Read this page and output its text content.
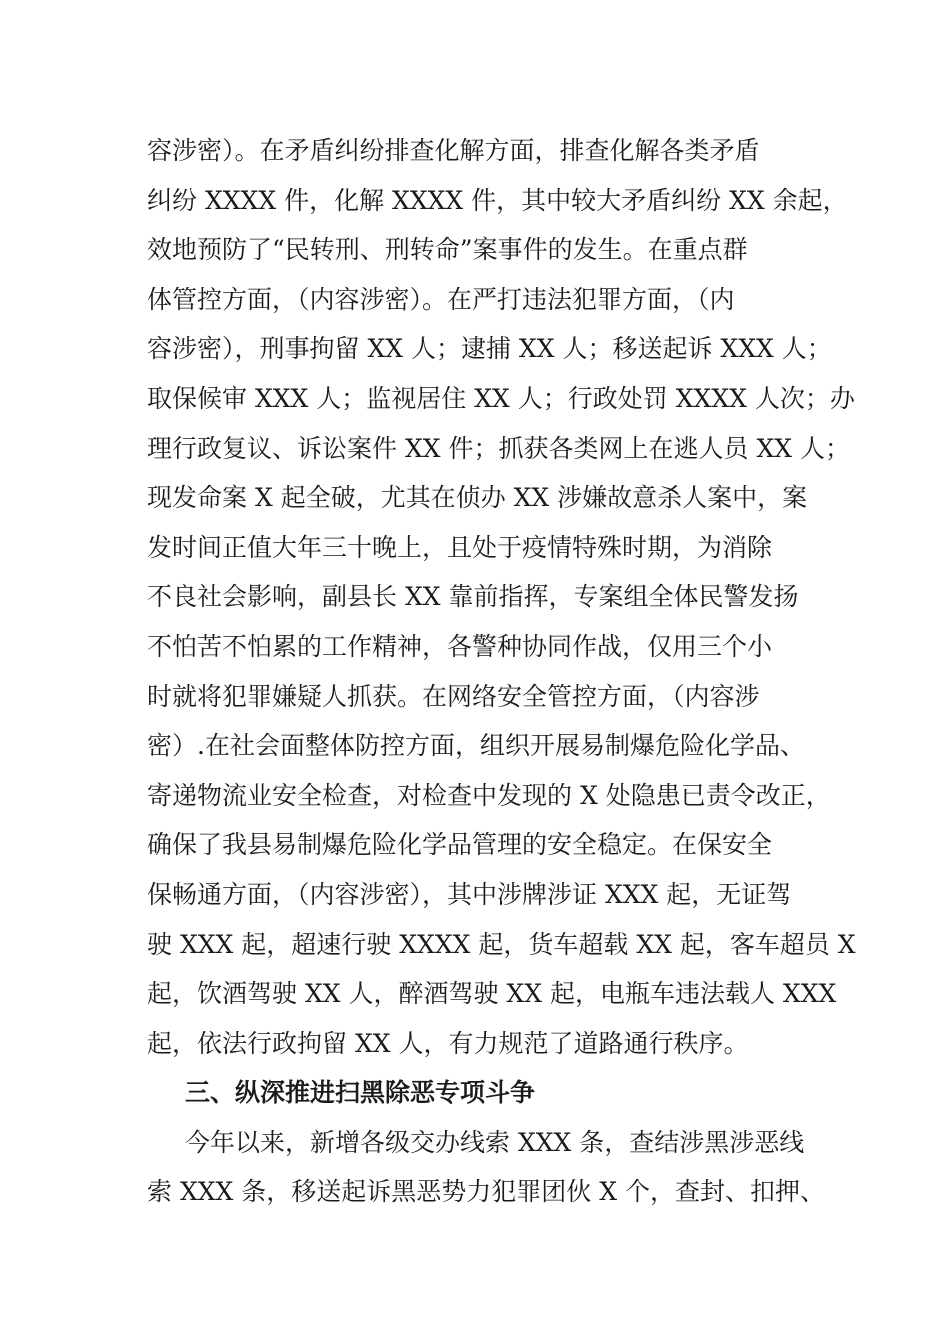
容涉密）。在矛盾纠纷排查化解方面，排查化解各类矛盾
纠纷 XXXX 件，化解 XXXX 件，其中较大矛盾纠纷 XX 余起，
效地预防了“民转刑、刑转命”案事件的发生。在重点群
体管控方面，（内容涉密）。在严打违法犯罪方面，（内
容涉密），刑事拘留 XX 人；逮捕 XX 人；移送起诉 XXX 人；
取保候审 XXX 人；监视居住 XX 人；行政处罚 XXXX 人次；办
理行政复议、诉讼案件 XX 件；抓获各类网上在逃人员 XX 人；
现发命案 X 起全破，尤其在侦办 XX 涉嫌故意杀人案中，案
发时间正值大年三十晚上，且处于疫情特殊时期，为消除
不良社会影响，副县长 XX 靠前指挥，专案组全体民警发扬
不怕苦不怕累的工作精神，各警种协同作战，仅用三个小
时就将犯罪嫌疑人抓获。在网络安全管控方面，（内容涉
密）.在社会面整体防控方面，组织开展易制爆危险化学品、
寄递物流业安全检查，对检查中发现的 X 处隐患已责令改正，
确保了我县易制爆危险化学品管理的安全稳定。在保安全
保畅通方面，（内容涉密），其中涉牌涉证 XXX 起，无证驾
驶 XXX 起，超速行驶 XXXX 起，货车超载 XX 起，客车超员 X
起，饮酒驾驶 XX 人，醉酒驾驶 XX 起，电瓶车违法载人 XXX
起，依法行政拘留 XX 人，有力规范了道路通行秩序。
三、纵深推进扫黑除恶专项斗争
今年以来，新增各级交办线索 XXX 条，查结涉黑涉恶线
索 XXX 条，移送起诉黑恶势力犯罪团伙 X 个，查封、扣押、
